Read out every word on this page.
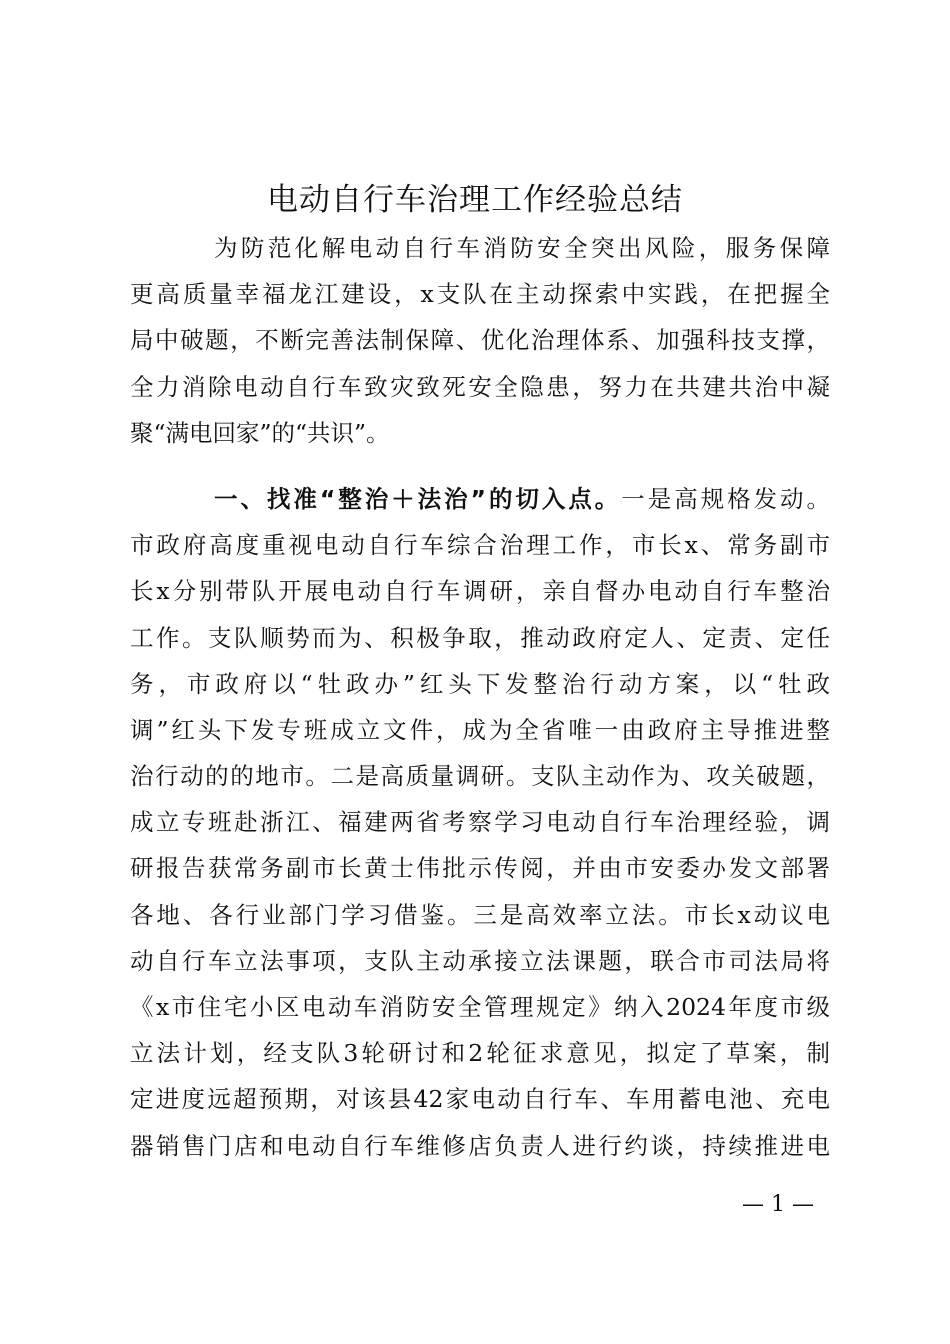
电动自行车治理工作经验总结
为防范化解电动自行车消防安全突出风险，服务保障
更高质量幸福龙江建设，x支队在主动探索中实践，在把握全
局中破题，不断完善法制保障、优化治理体系、加强科技支撑，
全力消除电动自行车致灾致死安全隐患，努力在共建共治中凝
聚“满电回家”的“共识”。
一、找准“整治＋法治”的切入点。一是高规格发动。
市政府高度重视电动自行车综合治理工作，市长x、常务副市
长x分别带队开展电动自行车调研，亲自督办电动自行车整治
工作。支队顺势而为、积极争取，推动政府定人、定责、定任
务，市政府以“牡政办”红头下发整治行动方案，以“牡政
调”红头下发专班成立文件，成为全省唯一由政府主导推进整
治行动的的地市。二是高质量调研。支队主动作为、攻关破题，
成立专班赴浙江、福建两省考察学习电动自行车治理经验，调
研报告获常务副市长黄士伟批示传阅，并由市安委办发文部署
各地、各行业部门学习借鉴。三是高效率立法。市长x动议电
动自行车立法事项，支队主动承接立法课题，联合市司法局将
《x市住宅小区电动车消防安全管理规定》纳入2024年度市级
立法计划，经支队3轮研讨和2轮征求意见，拟定了草案，制
定进度远超预期，对该县42家电动自行车、车用蓄电池、充电
器销售门店和电动自行车维修店负责人进行约谈，持续推进电
— 1 —
